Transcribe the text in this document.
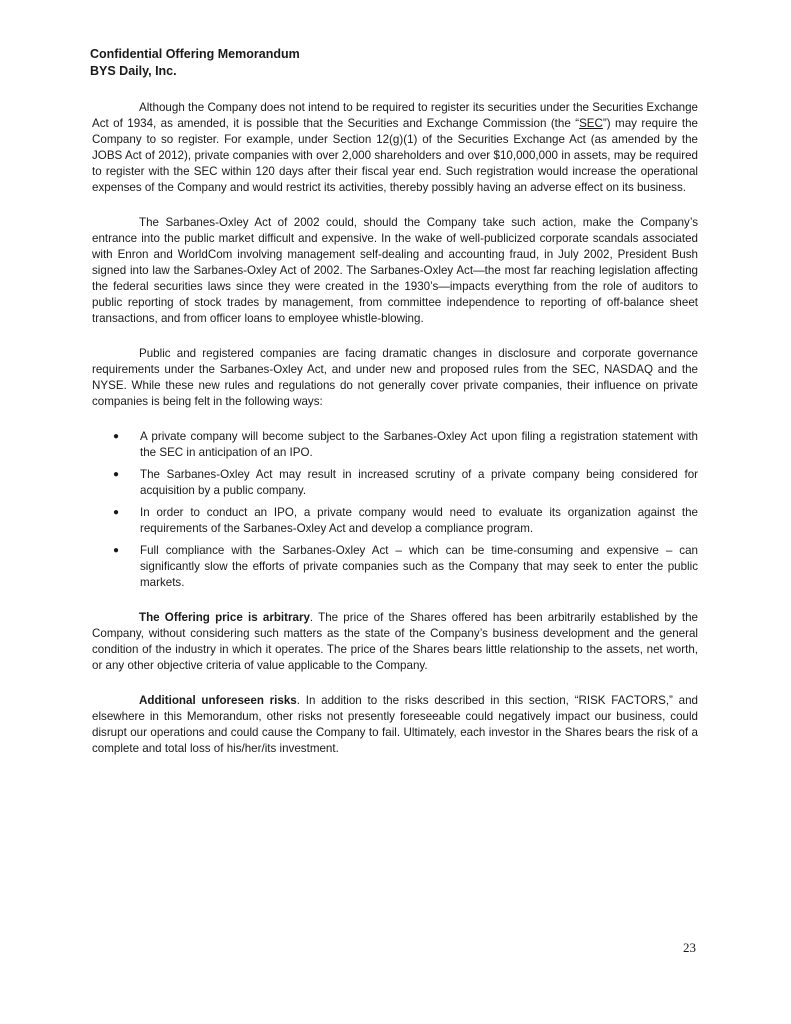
Confidential Offering Memorandum
BYS Daily, Inc.

Although the Company does not intend to be required to register its securities under the Securities Exchange Act of 1934, as amended, it is possible that the Securities and Exchange Commission (the “SEC”) may require the Company to so register. For example, under Section 12(g)(1) of the Securities Exchange Act (as amended by the JOBS Act of 2012), private companies with over 2,000 shareholders and over $10,000,000 in assets, may be required to register with the SEC within 120 days after their fiscal year end. Such registration would increase the operational expenses of the Company and would restrict its activities, thereby possibly having an adverse effect on its business.

The Sarbanes-Oxley Act of 2002 could, should the Company take such action, make the Company’s entrance into the public market difficult and expensive. In the wake of well-publicized corporate scandals associated with Enron and WorldCom involving management self-dealing and accounting fraud, in July 2002, President Bush signed into law the Sarbanes-Oxley Act of 2002. The Sarbanes-Oxley Act—the most far reaching legislation affecting the federal securities laws since they were created in the 1930’s—impacts everything from the role of auditors to public reporting of stock trades by management, from committee independence to reporting of off-balance sheet transactions, and from officer loans to employee whistle-blowing.

Public and registered companies are facing dramatic changes in disclosure and corporate governance requirements under the Sarbanes-Oxley Act, and under new and proposed rules from the SEC, NASDAQ and the NYSE. While these new rules and regulations do not generally cover private companies, their influence on private companies is being felt in the following ways:

● A private company will become subject to the Sarbanes-Oxley Act upon filing a registration statement with the SEC in anticipation of an IPO.
● The Sarbanes-Oxley Act may result in increased scrutiny of a private company being considered for acquisition by a public company.
● In order to conduct an IPO, a private company would need to evaluate its organization against the requirements of the Sarbanes-Oxley Act and develop a compliance program.
● Full compliance with the Sarbanes-Oxley Act – which can be time-consuming and expensive – can significantly slow the efforts of private companies such as the Company that may seek to enter the public markets.

The Offering price is arbitrary. The price of the Shares offered has been arbitrarily established by the Company, without considering such matters as the state of the Company’s business development and the general condition of the industry in which it operates. The price of the Shares bears little relationship to the assets, net worth, or any other objective criteria of value applicable to the Company.

Additional unforeseen risks. In addition to the risks described in this section, “RISK FACTORS,” and elsewhere in this Memorandum, other risks not presently foreseeable could negatively impact our business, could disrupt our operations and could cause the Company to fail. Ultimately, each investor in the Shares bears the risk of a complete and total loss of his/her/its investment.

23
